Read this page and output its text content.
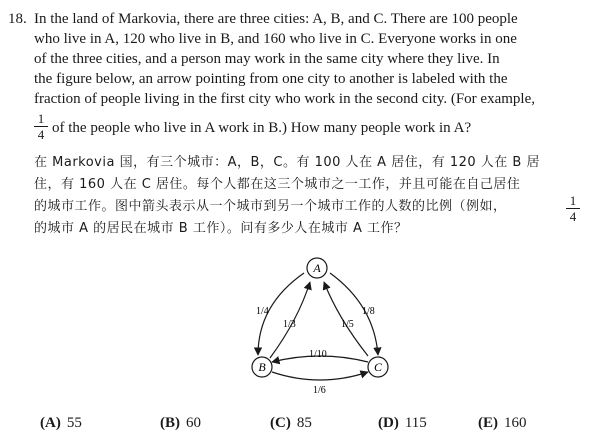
18. In the land of Markovia, there are three cities: A, B, and C. There are 100 people
who live in A, 120 who live in B, and 160 who live in C. Everyone works in one
of the three cities, and a person may work in the same city where they live. In
the figure below, an arrow pointing from one city to another is labeled with the
fraction of people living in the first city who work in the second city. (For example,
1
4 of the people who live in A work in B.) How many people work in A?
在 Markovia 国，有三个城市：A，B，C。有 100 人在 A 居住，有 120 人在 B 居
住，有 160 人在 C 居住。每个人都在这三个城市之一工作，并且可能在自己居住
的城市工作。图中箭头表示从一个城市到另一个城市工作的人数的比例（例如，	1
4
的城市 A 的居民在城市 B 工作）。问有多少人在城市 A 工作？
A
B	C
1/4
1/3	1/5
1/8
1/10
1/6
(A) 55	(B) 60	(C) 85	(D) 115	(E) 160
